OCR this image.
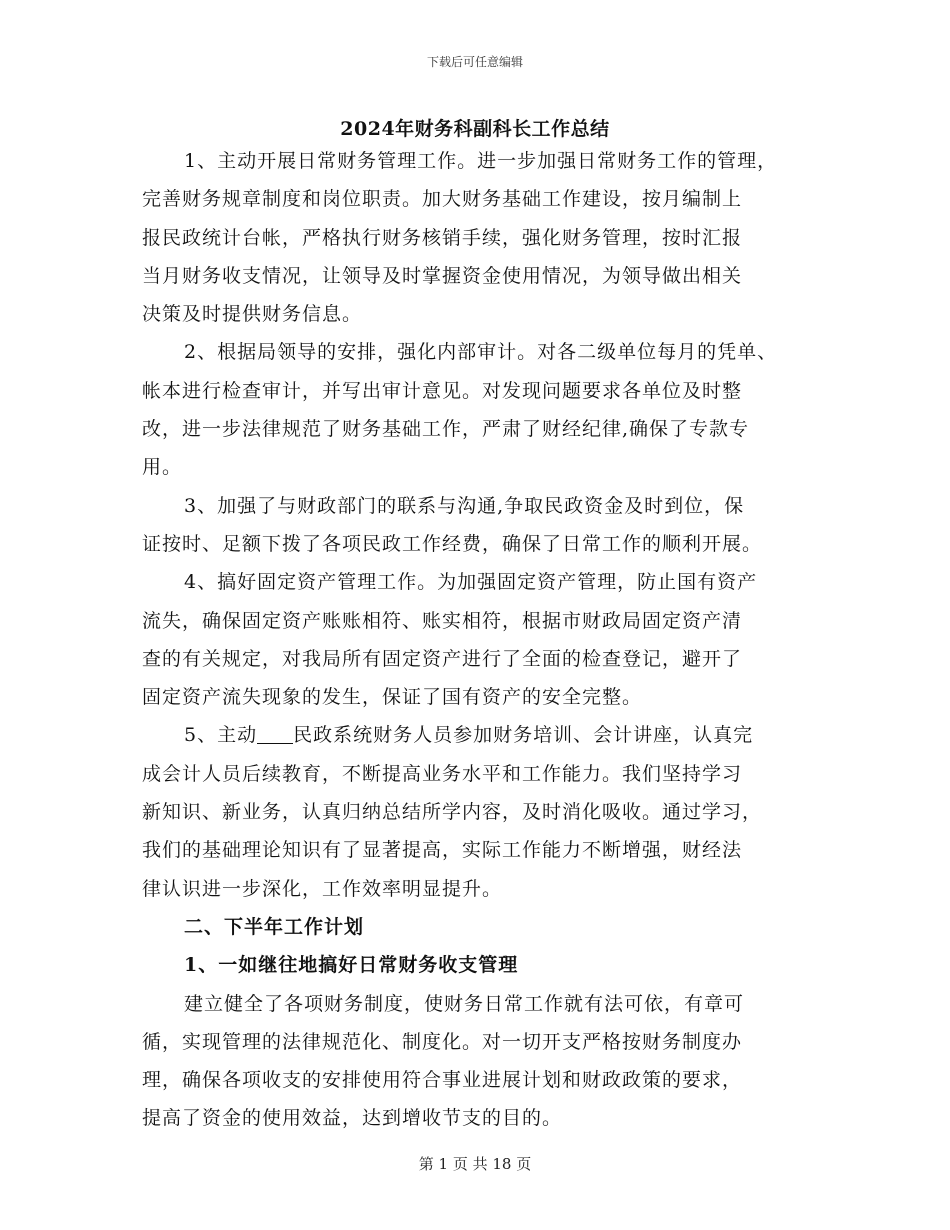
下载后可任意编辑
2024年财务科副科长工作总结
1、主动开展日常财务管理工作。进一步加强日常财务工作的管理，
完善财务规章制度和岗位职责。加大财务基础工作建设，按月编制上
报民政统计台帐，严格执行财务核销手续，强化财务管理，按时汇报
当月财务收支情况，让领导及时掌握资金使用情况，为领导做出相关
决策及时提供财务信息。
2、根据局领导的安排，强化内部审计。对各二级单位每月的凭单、
帐本进行检查审计，并写出审计意见。对发现问题要求各单位及时整
改，进一步法律规范了财务基础工作，严肃了财经纪律,确保了专款专
用。
3、加强了与财政部门的联系与沟通,争取民政资金及时到位，保
证按时、足额下拨了各项民政工作经费，确保了日常工作的顺利开展。
4、搞好固定资产管理工作。为加强固定资产管理，防止国有资产
流失，确保固定资产账账相符、账实相符，根据市财政局固定资产清
查的有关规定，对我局所有固定资产进行了全面的检查登记，避开了
固定资产流失现象的发生，保证了国有资产的安全完整。
5、主动 民政系统财务人员参加财务培训、会计讲座，认真完
成会计人员后续教育，不断提高业务水平和工作能力。我们坚持学习
新知识、新业务，认真归纳总结所学内容，及时消化吸收。通过学习，
我们的基础理论知识有了显著提高，实际工作能力不断增强，财经法
律认识进一步深化，工作效率明显提升。
二、下半年工作计划
1、一如继往地搞好日常财务收支管理
建立健全了各项财务制度，使财务日常工作就有法可依，有章可
循，实现管理的法律规范化、制度化。对一切开支严格按财务制度办
理，确保各项收支的安排使用符合事业进展计划和财政政策的要求，
提高了资金的使用效益，达到增收节支的目的。
第 1 页 共 18 页
